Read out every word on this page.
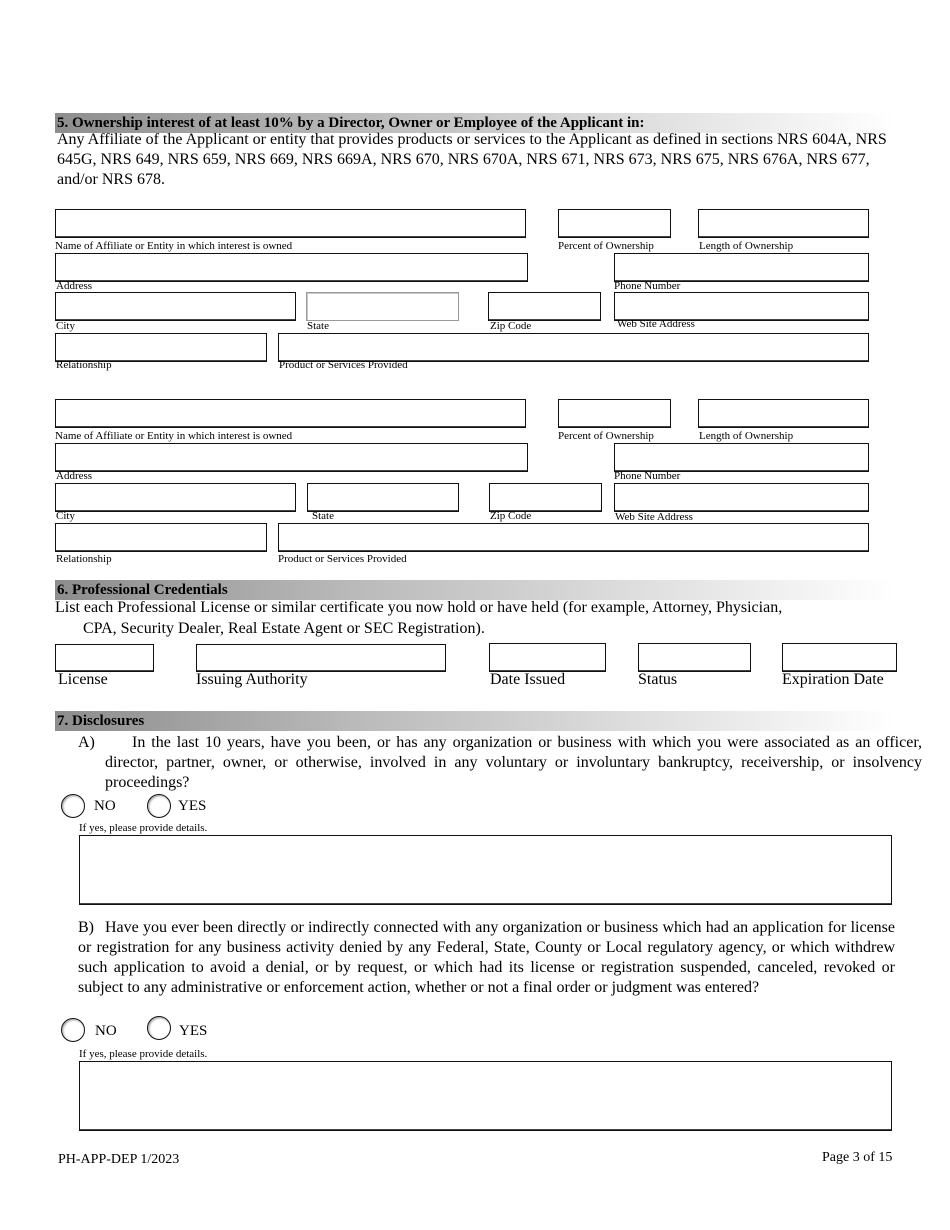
5. Ownership interest of at least 10% by a Director, Owner or Employee of the Applicant in:
Any Affiliate of the Applicant or entity that provides products or services to the Applicant as defined in sections NRS 604A, NRS 645G, NRS 649, NRS 659, NRS 669, NRS 669A, NRS 670, NRS 670A, NRS 671, NRS 673, NRS 675, NRS 676A, NRS 677, and/or NRS 678.
Name of Affiliate or Entity in which interest is owned	Percent of Ownership	Length of Ownership
Address	Phone Number
City	State	Zip Code	Web Site Address
Relationship	Product or Services Provided
Name of Affiliate or Entity in which interest is owned	Percent of Ownership	Length of Ownership
Address	Phone Number
City	State	Zip Code	Web Site Address
Relationship	Product or Services Provided
6. Professional Credentials
List each Professional License or similar certificate you now hold or have held (for example, Attorney, Physician,
CPA, Security Dealer, Real Estate Agent or SEC Registration).
License	Issuing Authority	Date Issued	Status	Expiration Date
7. Disclosures
A)	In the last 10 years, have you been, or has any organization or business with which you were associated as an officer, director, partner, owner, or otherwise, involved in any voluntary or involuntary bankruptcy, receivership, or insolvency proceedings?
NO	YES
If yes, please provide details.
B) Have you ever been directly or indirectly connected with any organization or business which had an application for license or registration for any business activity denied by any Federal, State, County or Local regulatory agency, or which withdrew such application to avoid a denial, or by request, or which had its license or registration suspended, canceled, revoked or subject to any administrative or enforcement action, whether or not a final order or judgment was entered?
NO	YES
If yes, please provide details.
PH-APP-DEP 1/2023	Page 3 of 15
